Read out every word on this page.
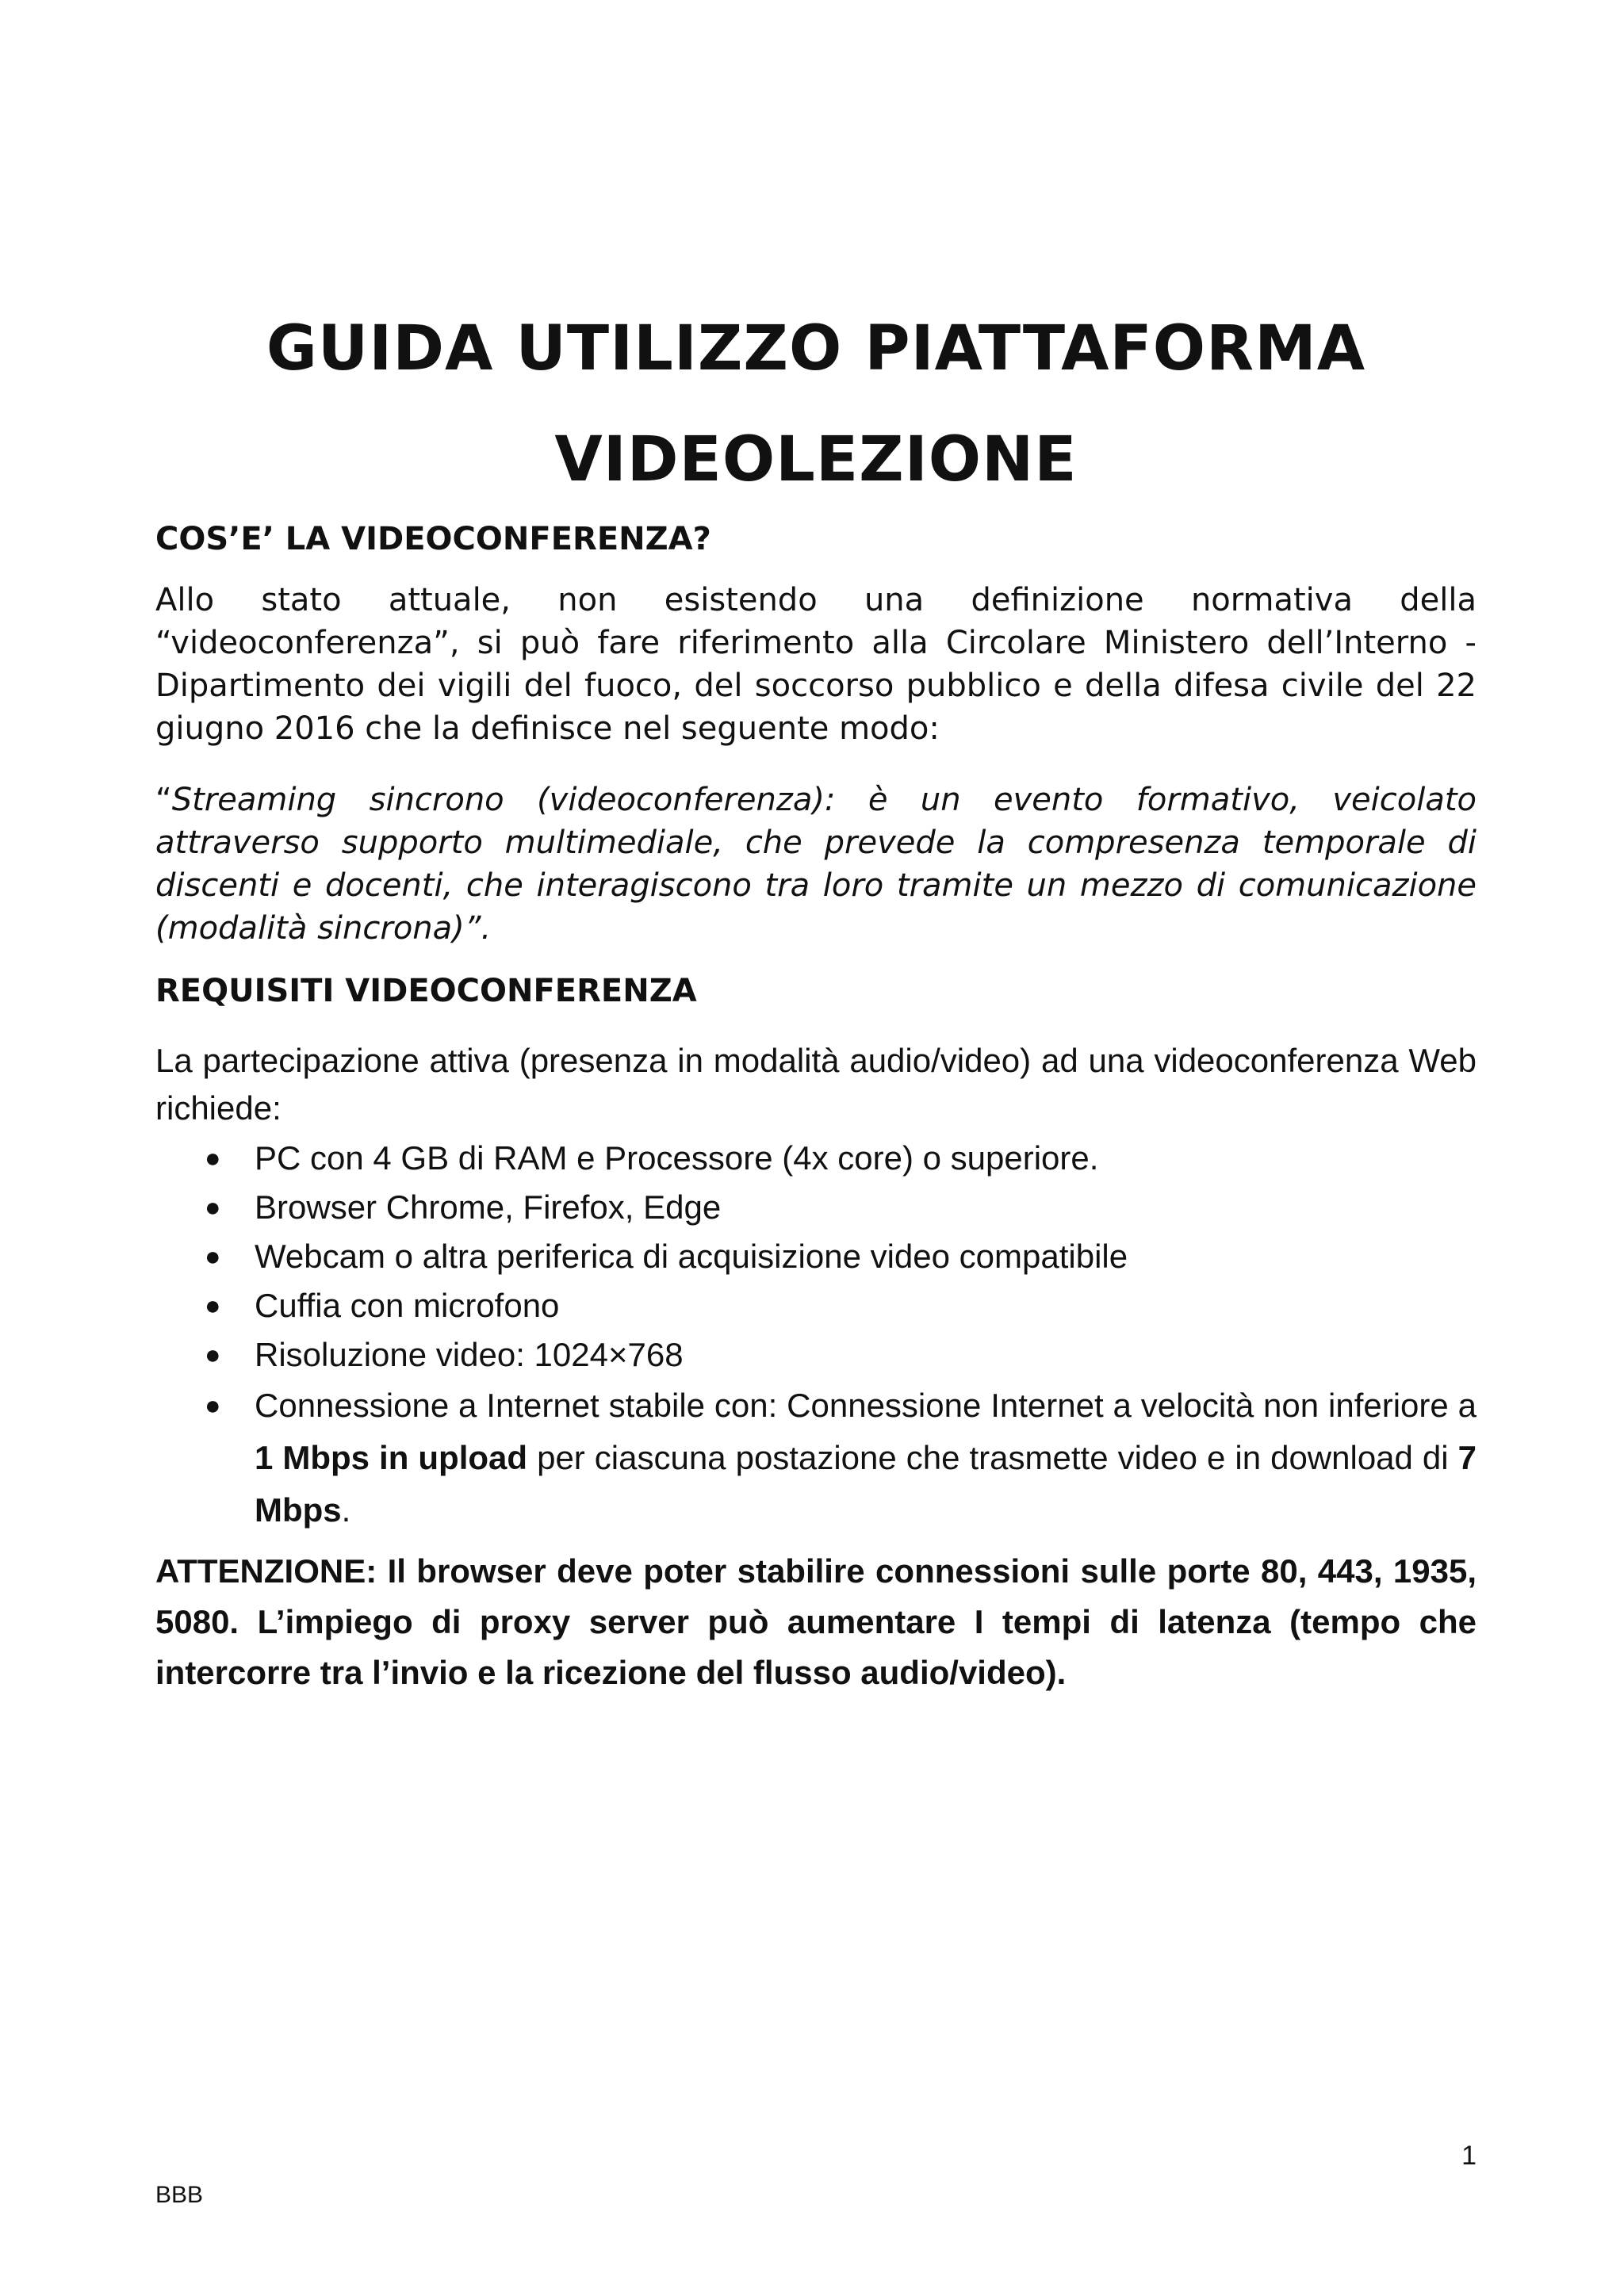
GUIDA UTILIZZO PIATTAFORMA
VIDEOLEZIONE
COS’E’ LA VIDEOCONFERENZA?

Allo stato attuale, non esistendo una definizione normativa della “videoconferenza”, si può fare riferimento alla Circolare Ministero dell’Interno - Dipartimento dei vigili del fuoco, del soccorso pubblico e della difesa civile del 22 giugno 2016 che la definisce nel seguente modo:

“Streaming sincrono (videoconferenza): è un evento formativo, veicolato attraverso supporto multimediale, che prevede la compresenza temporale di discenti e docenti, che interagiscono tra loro tramite un mezzo di comunicazione (modalità sincrona)”.

REQUISITI VIDEOCONFERENZA

La partecipazione attiva (presenza in modalità audio/video) ad una videoconferenza Web richiede:

● PC con 4 GB di RAM e Processore (4x core) o superiore.
● Browser Chrome, Firefox, Edge
● Webcam o altra periferica di acquisizione video compatibile
● Cuffia con microfono
● Risoluzione video: 1024×768
● Connessione a Internet stabile con: Connessione Internet a velocità non inferiore a 1 Mbps in upload per ciascuna postazione che trasmette video e in download di 7 Mbps.

ATTENZIONE: Il browser deve poter stabilire connessioni sulle porte 80, 443, 1935, 5080. L’impiego di proxy server può aumentare I tempi di latenza (tempo che intercorre tra l’invio e la ricezione del flusso audio/video).

1
BBB
